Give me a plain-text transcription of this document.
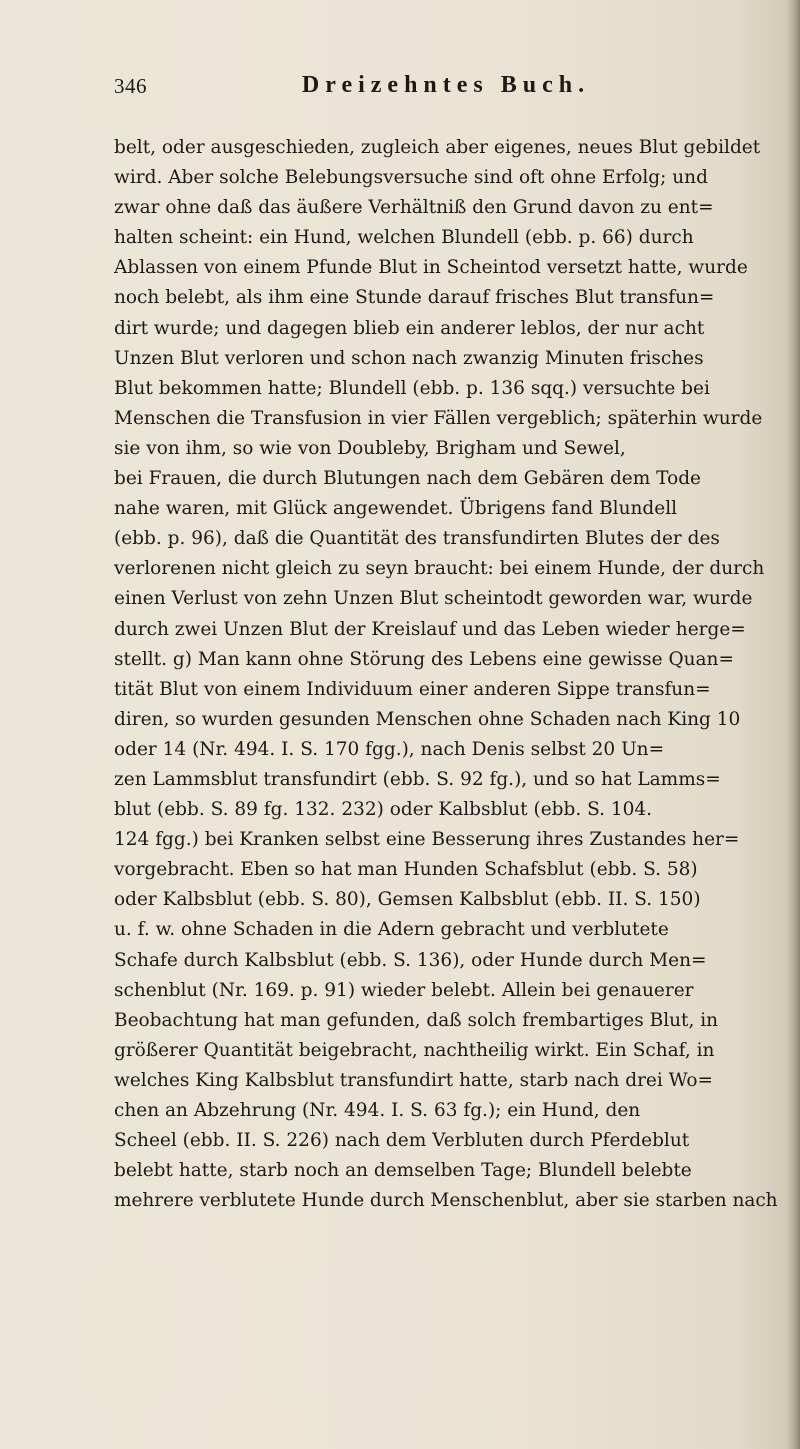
346	Dreizehntes Buch.
belt, oder ausgeschieden, zugleich aber eigenes, neues Blut gebildet
wird. Aber solche Belebungsversuche sind oft ohne Erfolg; und
zwar ohne daß das äußere Verhältniß den Grund davon zu ent=
halten scheint: ein Hund, welchen Blundell (ebb. p. 66) durch
Ablassen von einem Pfunde Blut in Scheintod versetzt hatte, wurde
noch belebt, als ihm eine Stunde darauf frisches Blut transfun=
dirt wurde; und dagegen blieb ein anderer leblos, der nur acht
Unzen Blut verloren und schon nach zwanzig Minuten frisches
Blut bekommen hatte; Blundell (ebb. p. 136 sqq.) versuchte bei
Menschen die Transfusion in vier Fällen vergeblich; späterhin wurde
sie von ihm, so wie von Doubleby, Brigham und Sewel,
bei Frauen, die durch Blutungen nach dem Gebären dem Tode
nahe waren, mit Glück angewendet. Übrigens fand Blundell
(ebb. p. 96), daß die Quantität des transfundirten Blutes der des
verlorenen nicht gleich zu seyn braucht: bei einem Hunde, der durch
einen Verlust von zehn Unzen Blut scheintodt geworden war, wurde
durch zwei Unzen Blut der Kreislauf und das Leben wieder herge=
stellt. g) Man kann ohne Störung des Lebens eine gewisse Quan=
tität Blut von einem Individuum einer anderen Sippe transfun=
diren, so wurden gesunden Menschen ohne Schaden nach King 10
oder 14 (Nr. 494. I. S. 170 fgg.), nach Denis selbst 20 Un=
zen Lammsblut transfundirt (ebb. S. 92 fg.), und so hat Lamms=
blut (ebb. S. 89 fg. 132. 232) oder Kalbsblut (ebb. S. 104.
124 fgg.) bei Kranken selbst eine Besserung ihres Zustandes her=
vorgebracht. Eben so hat man Hunden Schafsblut (ebb. S. 58)
oder Kalbsblut (ebb. S. 80), Gemsen Kalbsblut (ebb. II. S. 150)
u. f. w. ohne Schaden in die Adern gebracht und verblutete
Schafe durch Kalbsblut (ebb. S. 136), oder Hunde durch Men=
schenblut (Nr. 169. p. 91) wieder belebt. Allein bei genauerer
Beobachtung hat man gefunden, daß solch frembartiges Blut, in
größerer Quantität beigebracht, nachtheilig wirkt. Ein Schaf, in
welches King Kalbsblut transfundirt hatte, starb nach drei Wo=
chen an Abzehrung (Nr. 494. I. S. 63 fg.); ein Hund, den
Scheel (ebb. II. S. 226) nach dem Verbluten durch Pferdeblut
belebt hatte, starb noch an demselben Tage; Blundell belebte
mehrere verblutete Hunde durch Menschenblut, aber sie starben nach
